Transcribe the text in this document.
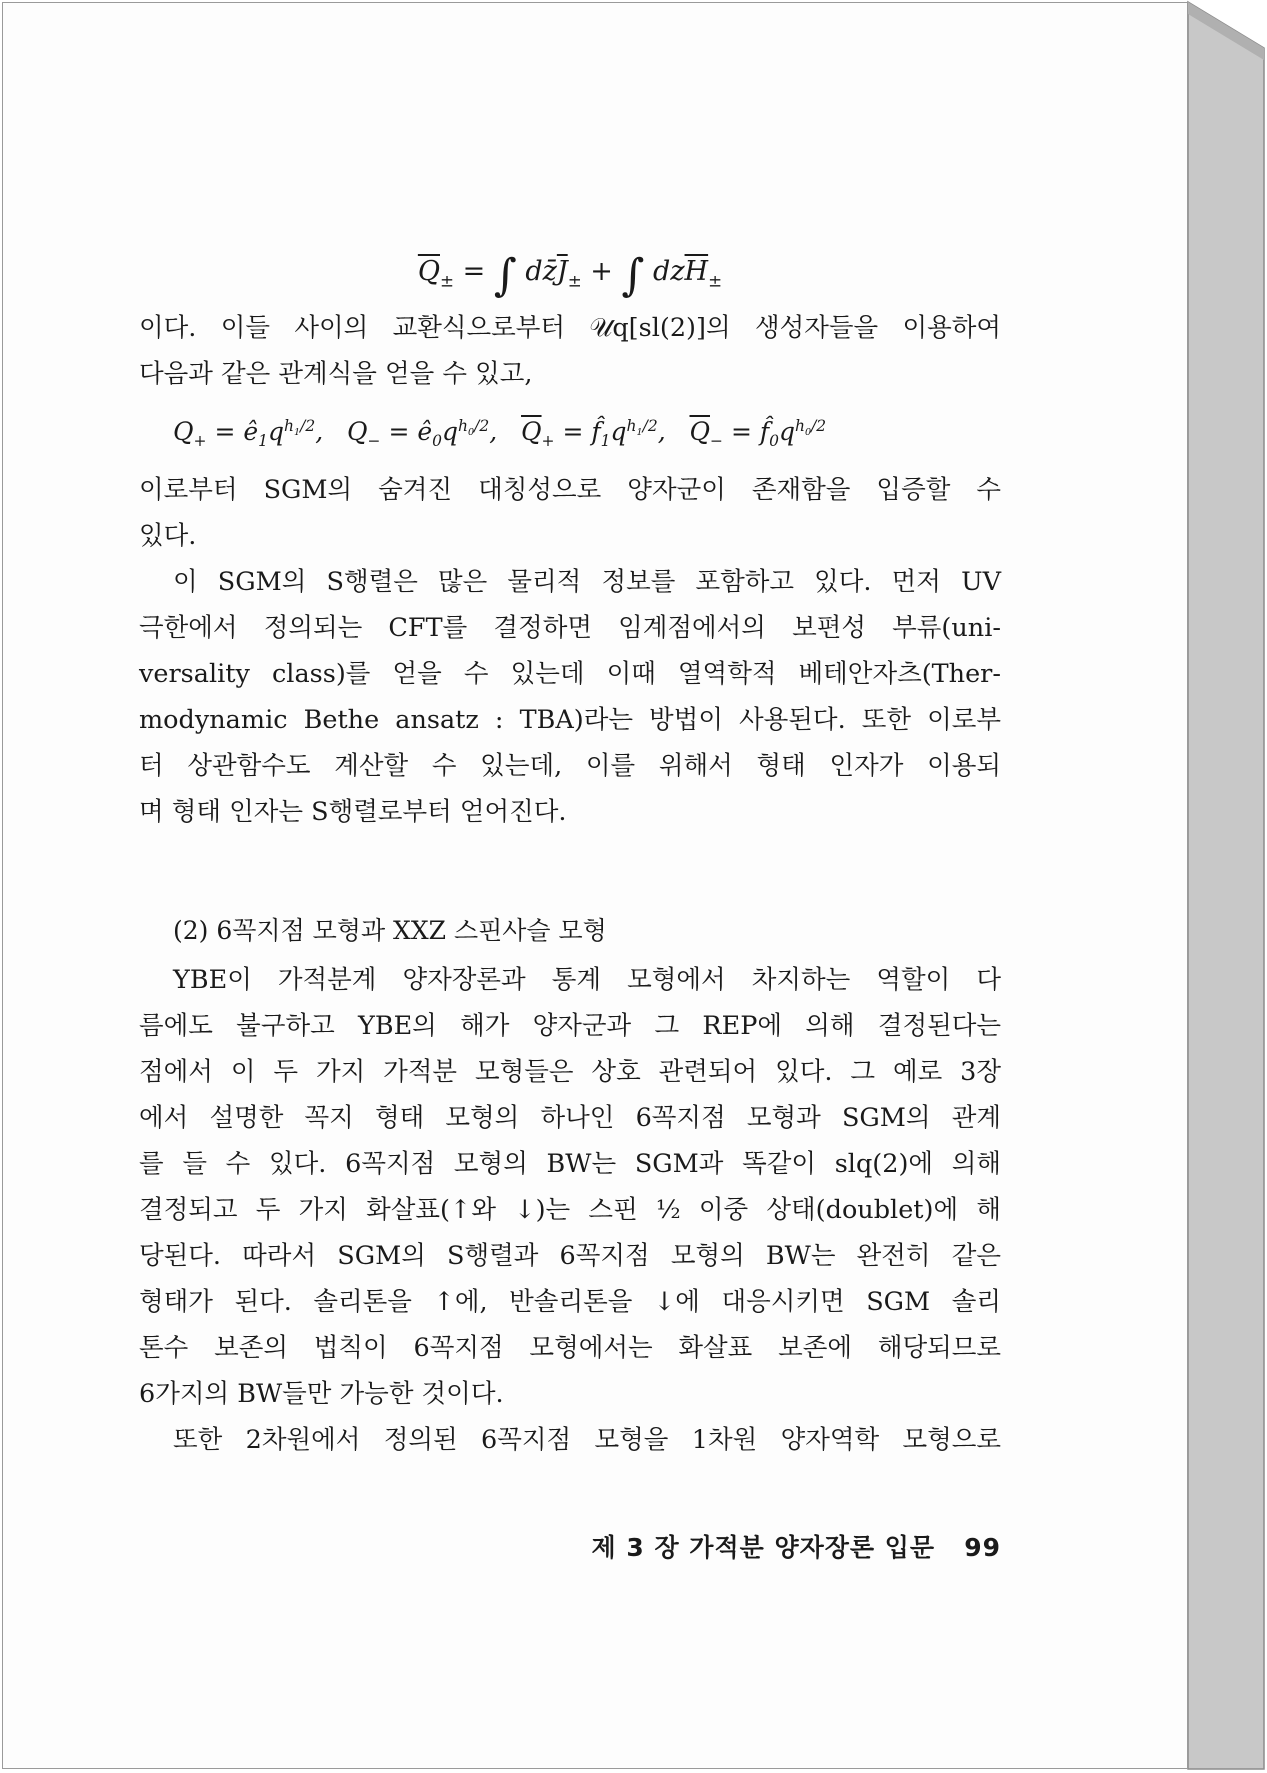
$\overline{Q}_\pm$ = ∫ $dz̄\overline{J}_\pm$ + ∫ $dz\overline{H}_\pm$
이다. 이들 사이의 교환식으로부터 𝒰q[sl(2)]의 생성자들을 이용하여
다음과 같은 관계식을 얻을 수 있고,
$Q_+$ = $ê_1q^{h_1/2}$,   $Q_-$ = $ê_0q^{h_0/2}$,   $\overline{Q}_+$ = $f̂_1q^{h_1/2}$,   $\overline{Q}_-$ = $f̂_0q^{h_0/2}$
이로부터 SGM의 숨겨진 대칭성으로 양자군이 존재함을 입증할 수
있다.
이 SGM의 S행렬은 많은 물리적 정보를 포함하고 있다. 먼저 UV
극한에서 정의되는 CFT를 결정하면 임계점에서의 보편성 부류(uni-
versality class)를 얻을 수 있는데 이때 열역학적 베테안자츠(Ther-
modynamic Bethe ansatz : TBA)라는 방법이 사용된다. 또한 이로부
터 상관함수도 계산할 수 있는데, 이를 위해서 형태 인자가 이용되
며 형태 인자는 S행렬로부터 얻어진다.
(2) 6꼭지점 모형과 XXZ 스핀사슬 모형
YBE이 가적분계 양자장론과 통계 모형에서 차지하는 역할이 다
름에도 불구하고 YBE의 해가 양자군과 그 REP에 의해 결정된다는
점에서 이 두 가지 가적분 모형들은 상호 관련되어 있다. 그 예로 3장
에서 설명한 꼭지 형태 모형의 하나인 6꼭지점 모형과 SGM의 관계
를 들 수 있다. 6꼭지점 모형의 BW는 SGM과 똑같이 slq(2)에 의해
결정되고 두 가지 화살표(↑와 ↓)는 스핀 ½ 이중 상태(doublet)에 해
당된다. 따라서 SGM의 S행렬과 6꼭지점 모형의 BW는 완전히 같은
형태가 된다. 솔리톤을 ↑에, 반솔리톤을 ↓에 대응시키면 SGM 솔리
톤수 보존의 법칙이 6꼭지점 모형에서는 화살표 보존에 해당되므로
6가지의 BW들만 가능한 것이다.
또한 2차원에서 정의된 6꼭지점 모형을 1차원 양자역학 모형으로
제 3 장 가적분 양자장론 입문 99
